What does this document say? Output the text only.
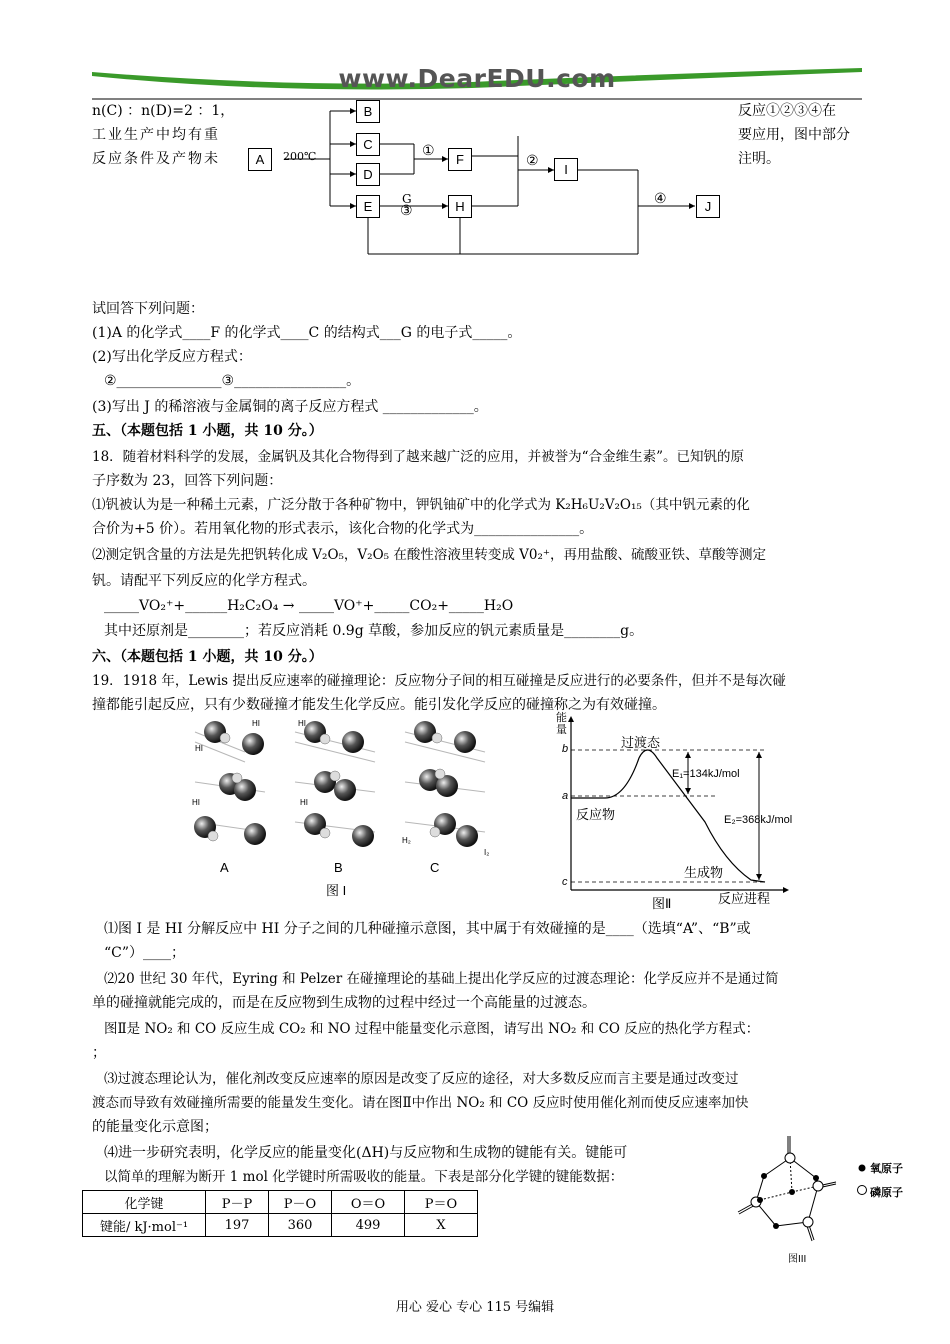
www.DearEDU.com
n(C) ：n(D)=2 ：1，
工业生产中均有重
反应条件及产物未
反应①②③④在
要应用，图中部分
注明。
A
B
C
D
E
F
H
I
J
200℃	①
②
③
④
G
试回答下列问题：
(1)A 的化学式____F 的化学式____C 的结构式___G 的电子式_____。
(2)写出化学反应方程式：
②_______________③________________。
(3)写出 J 的稀溶液与金属铜的离子反应方程式 _____________。
五、（本题包括 1 小题，共 10 分。）
18．随着材料科学的发展，金属钒及其化合物得到了越来越广泛的应用，并被誉为“合金维生素”。已知钒的原
子序数为 23，回答下列问题：
⑴钒被认为是一种稀土元素，广泛分散于各种矿物中，钾钒铀矿中的化学式为 K₂H₆U₂V₂O₁₅（其中钒元素的化
合价为+5 价）。若用氧化物的形式表示，该化合物的化学式为_______________。
⑵测定钒含量的方法是先把钒转化成 V₂O₅，V₂O₅ 在酸性溶液里转变成 V0₂⁺，再用盐酸、硫酸亚铁、草酸等测定
钒。请配平下列反应的化学方程式。
_____VO₂⁺+______H₂C₂O₄ → _____VO⁺+_____CO₂+_____H₂O
其中还原剂是________；若反应消耗 0.9g 草酸，参加反应的钒元素质量是________g。
六、（本题包括 1 小题，共 10 分。）
19．1918 年，Lewis 提出反应速率的碰撞理论：反应物分子间的相互碰撞是反应进行的必要条件，但并不是每次碰
撞都能引起反应，只有少数碰撞才能发生化学反应。能引发化学反应的碰撞称之为有效碰撞。
A	B	C
图 I
HI
HI
HI
HI	HI
H₂
I₂
能量
过渡态
反应物
生成物
反应进程
E₁=134kJ/mol
E₂=368kJ/mol
b
a
c
图Ⅱ
⑴图 I 是 HI 分解反应中 HI 分子之间的几种碰撞示意图，其中属于有效碰撞的是____（选填“A”、“B”或
“C”）____；
⑵20 世纪 30 年代，Eyring 和 Pelzer 在碰撞理论的基础上提出化学反应的过渡态理论：化学反应并不是通过简
单的碰撞就能完成的，而是在反应物到生成物的过程中经过一个高能量的过渡态。
图Ⅱ是 NO₂ 和 CO 反应生成 CO₂ 和 NO 过程中能量变化示意图，请写出 NO₂ 和 CO 反应的热化学方程式：
；
⑶过渡态理论认为，催化剂改变反应速率的原因是改变了反应的途径，对大多数反应而言主要是通过改变过
渡态而导致有效碰撞所需要的能量发生变化。请在图Ⅱ中作出 NO₂ 和 CO 反应时使用催化剂而使反应速率加快
的能量变化示意图；
⑷进一步研究表明，化学反应的能量变化(ΔH)与反应物和生成物的键能有关。键能可
以简单的理解为断开 1 mol 化学键时所需吸收的能量。下表是部分化学键的键能数据：
化学键	P－P	P－O	O＝O	P＝O
键能/ kJ·mol⁻¹	197	360	499	X
氧原子
磷原子
图III
用心 爱心 专心 115 号编辑
